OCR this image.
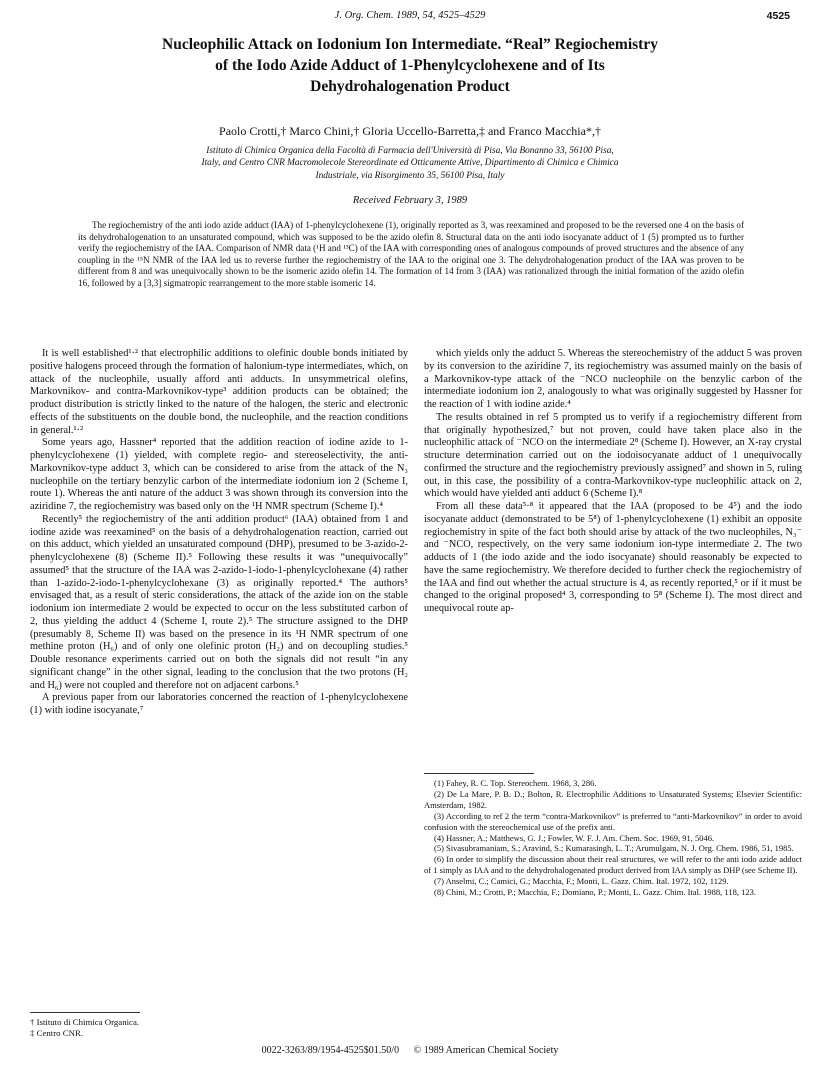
J. Org. Chem. 1989, 54, 4525–4529	4525
Nucleophilic Attack on Iodonium Ion Intermediate. “Real” Regiochemistry
of the Iodo Azide Adduct of 1-Phenylcyclohexene and of Its
Dehydrohalogenation Product
Paolo Crotti,† Marco Chini,† Gloria Uccello-Barretta,‡ and Franco Macchia*,†
Istituto di Chimica Organica della Facoltà di Farmacia dell'Università di Pisa, Via Bonanno 33, 56100 Pisa,
Italy, and Centro CNR Macromolecole Stereordinate ed Otticamente Attive, Dipartimento di Chimica e Chimica
Industriale, via Risorgimento 35, 56100 Pisa, Italy
Received February 3, 1989

The regiochemistry of the anti iodo azide adduct (IAA) of 1-phenylcyclohexene (1), originally reported as 3, was reexamined and proposed to be the reversed one 4 on the basis of its dehydrohalogenation to an unsaturated compound, which was supposed to be the azido olefin 8. Structural data on the anti iodo isocyanate adduct of 1 (5) prompted us to further verify the regiochemistry of the IAA. Comparison of NMR data (¹H and ¹³C) of the IAA with corresponding ones of analogous compounds of proved structures and the absence of any coupling in the ¹⁵N NMR of the IAA led us to reverse further the regiochemistry of the IAA to the original one 3. The dehydrohalogenation product of the IAA was proven to be different from 8 and was unequivocally shown to be the isomeric azido olefin 14. The formation of 14 from 3 (IAA) was rationalized through the initial formation of the azido olefin 16, followed by a [3,3] sigmatropic rearrangement to the more stable isomeric 14.

It is well established¹·² that electrophilic additions to olefinic double bonds initiated by positive halogens proceed through the formation of halonium-type intermediates, which, on attack of the nucleophile, usually afford anti adducts. In unsymmetrical olefins, Markovnikov- and contra-Markovnikov-type³ addition products can be obtained; the product distribution is strictly linked to the nature of the halogen, the steric and electronic effects of the substituents on the double bond, the nucleophile, and the reaction conditions in general.¹·²

Some years ago, Hassner⁴ reported that the addition reaction of iodine azide to 1-phenylcyclohexene (1) yielded, with complete regio- and stereoselectivity, the anti-Markovnikov-type adduct 3, which can be considered to arise from the attack of the N₃ nucleophile on the tertiary benzylic carbon of the intermediate iodonium ion 2 (Scheme I, route 1). Whereas the anti nature of the adduct 3 was shown through its conversion into the aziridine 7, the regiochemistry was based only on the ¹H NMR spectrum (Scheme I).⁴

Recently⁵ the regiochemistry of the anti addition product⁶ (IAA) obtained from 1 and iodine azide was reexamined⁵ on the basis of a dehydrohalogenation reaction, carried out on this adduct, which yielded an unsaturated compound (DHP), presumed to be 3-azido-2-phenylcyclohexene (8) (Scheme II).⁵ Following these results it was “unequivocally” assumed⁵ that the structure of the IAA was 2-azido-1-iodo-1-phenylcyclohexane (4) rather than 1-azido-2-iodo-1-phenylcyclohexane (3) as originally reported.⁴ The authors⁵ envisaged that, as a result of steric considerations, the attack of the azide ion on the stable iodonium ion intermediate 2 would be expected to occur on the less substituted carbon of 2, thus yielding the adduct 4 (Scheme I, route 2).⁵ The structure assigned to the DHP (presumably 8, Scheme II) was based on the presence in its ¹H NMR spectrum of one methine proton (H₆) and of only one olefinic proton (H₂) and on decoupling studies.⁵ Double resonance experiments carried out on both the signals did not result “in any significant change” in the other signal, leading to the conclusion that the two protons (H₂ and H₆) were not coupled and therefore not on adjacent carbons.⁵

A previous paper from our laboratories concerned the reaction of 1-phenylcyclohexene (1) with iodine isocyanate,⁷

which yields only the adduct 5. Whereas the stereochemistry of the adduct 5 was proven by its conversion to the aziridine 7, its regiochemistry was assumed mainly on the basis of a Markovnikov-type attack of the ⁻NCO nucleophile on the benzylic carbon of the intermediate iodonium ion 2, analogously to what was originally suggested by Hassner for the reaction of 1 with iodine azide.⁴

The results obtained in ref 5 prompted us to verify if a regiochemistry different from that originally hypothesized,⁷ but not proven, could have taken place also in the nucleophilic attack of ⁻NCO on the intermediate 2⁸ (Scheme I). However, an X-ray crystal structure determination carried out on the iodoisocyanate adduct of 1 unequivocally confirmed the structure and the regiochemistry previously assigned⁷ and shown in 5, ruling out, in this case, the possibility of a contra-Markovnikov-type nucleophilic attack on 2, which would have yielded anti adduct 6 (Scheme I).⁸

From all these data⁵·⁸ it appeared that the IAA (proposed to be 4⁵) and the iodo isocyanate adduct (demonstrated to be 5⁸) of 1-phenylcyclohexene (1) exhibit an opposite regiochemistry in spite of the fact both should arise by attack of the two nucleophiles, N₃⁻ and ⁻NCO, respectively, on the very same iodonium ion-type intermediate 2. The two adducts of 1 (the iodo azide and the iodo isocyanate) should reasonably be expected to have the same regiochemistry. We therefore decided to further check the regiochemistry of the IAA and find out whether the actual structure is 4, as recently reported,⁵ or if it must be changed to the original proposed⁴ 3, corresponding to 5⁸ (Scheme I). The most direct and unequivocal route ap-

(1) Fahey, R. C. Top. Stereochem. 1968, 3, 286.

(2) De La Mare, P. B. D.; Bolton, R. Electrophilic Additions to Unsaturated Systems; Elsevier Scientific: Amsterdam, 1982.

(3) According to ref 2 the term “contra-Markovnikov” is preferred to “anti-Markovnikov” in order to avoid confusion with the stereochemical use of the prefix anti.

(4) Hassner, A.; Matthews, G. J.; Fowler, W. F. J. Am. Chem. Soc. 1969, 91, 5046.

(5) Sivasubramaniam, S.; Aravind, S.; Kumarasingh, L. T.; Arumulgam, N. J. Org. Chem. 1986, 51, 1985.

(6) In order to simplify the discussion about their real structures, we will refer to the anti iodo azide adduct of 1 simply as IAA and to the dehydrohalogenated product derived from IAA simply as DHP (see Scheme II).

(7) Anselmi, C.; Camici, G.; Macchia, F.; Monti, L. Gazz. Chim. Ital. 1972, 102, 1129.

(8) Chini, M.; Crotti, P.; Macchia, F.; Domiano, P.; Monti, L. Gazz. Chim. Ital. 1988, 118, 123.

† Istituto di Chimica Organica.

‡ Centro CNR.

0022-3263/89/1954-4525$01.50/0 © 1989 American Chemical Society
